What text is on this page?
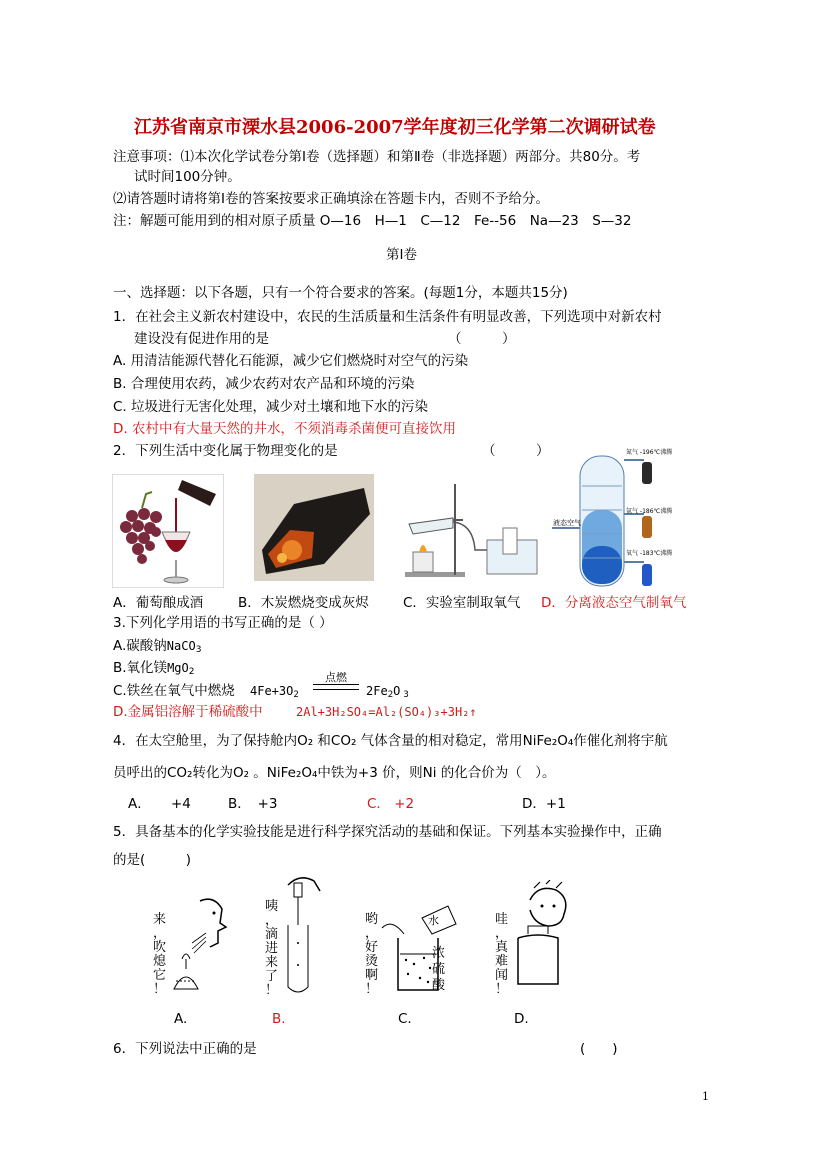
江苏省南京市溧水县2006-2007学年度初三化学第二次调研试卷
注意事项：⑴本次化学试卷分第Ⅰ卷（选择题）和第Ⅱ卷（非选择题）两部分。共80分。考
试时间100分钟。
⑵请答题时请将第Ⅰ卷的答案按要求正确填涂在答题卡内，否则不予给分。
注：解题可能用到的相对原子质量 O—16　H—1　C—12　Fe--56　Na—23　S—32
第Ⅰ卷
一、选择题：以下各题，只有一个符合要求的答案。(每题1分，本题共15分)
1．在社会主义新农村建设中，农民的生活质量和生活条件有明显改善，下列选项中对新农村
建设没有促进作用的是	（　　　）
A. 用清洁能源代替化石能源，减少它们燃烧时对空气的污染
B. 合理使用农药，减少农药对农产品和环境的污染
C. 垃圾进行无害化处理，减少对土壤和地下水的污染
D. 农村中有大量天然的井水，不须消毒杀菌便可直接饮用
2．下列生活中变化属于物理变化的是	（　　　）	氮气 -196℃沸腾
氩气 -186℃沸腾
氧气 -183℃沸腾
液态空气
A．葡萄酿成酒	B．木炭燃烧变成灰烬	C．实验室制取氧气 D．分离液态空气制氧气
3.下列化学用语的书写正确的是（ ）
A.碳酸钠NaCO$_3$
B.氧化镁MgO$_2$
C.铁丝在氧气中燃烧 $4Fe+3O_2$
点燃
$2Fe_2O$ $_3$
D.金属铝溶解于稀硫酸中	2Al+3H₂SO₄=Al₂(SO₄)₃+3H₂↑
4．在太空舱里，为了保持舱内O₂ 和CO₂ 气体含量的相对稳定，常用NiFe₂O₄作催化剂将宇航
员呼出的CO₂转化为O₂ 。NiFe₂O₄中铁为+3 价，则Ni 的化合价为（　）。
A．　　+4	B．　+3	C． +2	D．+1
5．具备基本的化学实验技能是进行科学探究活动的基础和保证。下列基本实验操作中，正确
的是(　　　)
来
，
吹
熄
它
！
咦
，
滴
进
来
了
！
哟
，
好
烫
啊
！
浓
硫
酸
水	哇
，
真
难
闻
！
A.	B.	C.	D.
6．下列说法中正确的是	(　　)
1
